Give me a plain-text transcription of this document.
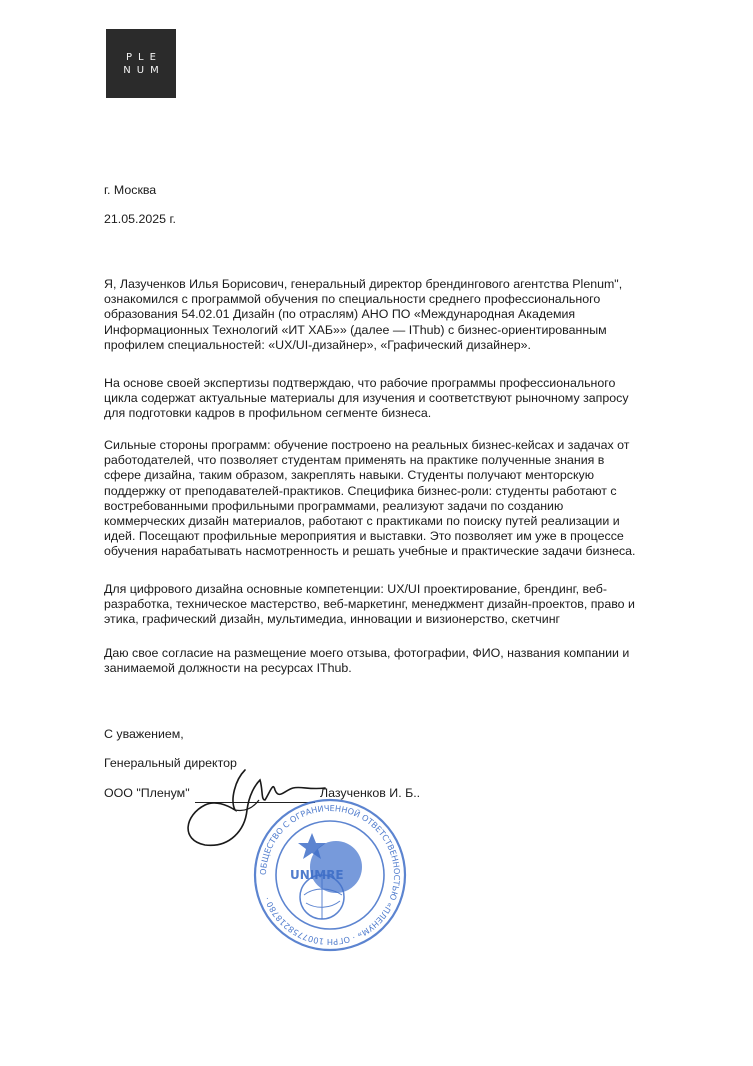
PLE
NUM
г. Москва
21.05.2025 г.
Я, Лазученков Илья Борисович, генеральный директор брендингового агентства Plenum",
ознакомился с программой обучения по специальности среднего профессионального
образования 54.02.01 Дизайн (по отраслям) АНО ПО «Международная Академия
Информационных Технологий «ИТ ХАБ»» (далее — IThub) с бизнес-ориентированным
профилем специальностей: «UX/UI-дизайнер», «Графический дизайнер».
На основе своей экспертизы подтверждаю, что рабочие программы профессионального
цикла содержат актуальные материалы для изучения и соответствуют рыночному запросу
для подготовки кадров в профильном сегменте бизнеса.
Сильные стороны программ: обучение построено на реальных бизнес-кейсах и задачах от
работодателей, что позволяет студентам применять на практике полученные знания в
сфере дизайна, таким образом, закреплять навыки. Студенты получают менторскую
поддержку от преподавателей-практиков. Специфика бизнес-роли: студенты работают с
востребованными профильными программами, реализуют задачи по созданию
коммерческих дизайн материалов, работают с практиками по поиску путей реализации и
идей. Посещают профильные мероприятия и выставки. Это позволяет им уже в процессе
обучения нарабатывать насмотренность и решать учебные и практические задачи бизнеса.
Для цифрового дизайна основные компетенции: UX/UI проектирование, брендинг, веб-
разработка, техническое мастерство, веб-маркетинг, менеджмент дизайн-проектов, право и
этика, графический дизайн, мультимедиа, инновации и визионерство, скетчинг
Даю свое согласие на размещение моего отзыва, фотографии, ФИО, названия компании и
занимаемой должности на ресурсах IThub.
С уважением,
Генеральный директор
ООО "Пленум"	Лазученков И. Б..
ОБЩЕСТВО С ОГРАНИЧЕННОЙ ОТВЕТСТВЕННОСТЬЮ «ПЛЕНУМ» · ОГРН 1007758218780 ·
UNIMRE
